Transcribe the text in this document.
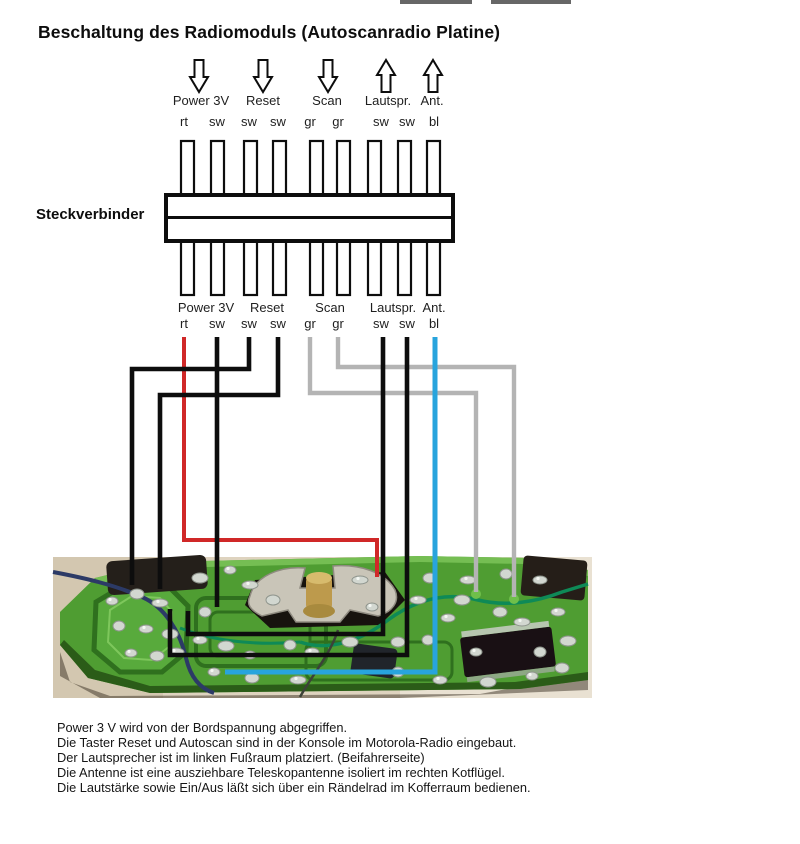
Beschaltung des Radiomoduls (Autoscanradio Platine)
Steckverbinder
Power 3V
Power 3V
Reset
Reset
Scan
Scan
Lautspr.
Lautspr.
Ant.
Ant.
rt
rt
sw
sw
sw
sw
sw
sw
gr
gr
gr
gr
sw
sw
sw
sw
bl
bl
Power 3 V wird von der Bordspannung abgegriffen.
Die Taster Reset und Autoscan sind in der Konsole im Motorola-Radio eingebaut.
Der Lautsprecher ist im linken Fußraum platziert. (Beifahrerseite)
Die Antenne ist eine ausziehbare Teleskopantenne isoliert im rechten Kotflügel.
Die Lautstärke sowie Ein/Aus läßt sich über ein Rändelrad im Kofferraum bedienen.
